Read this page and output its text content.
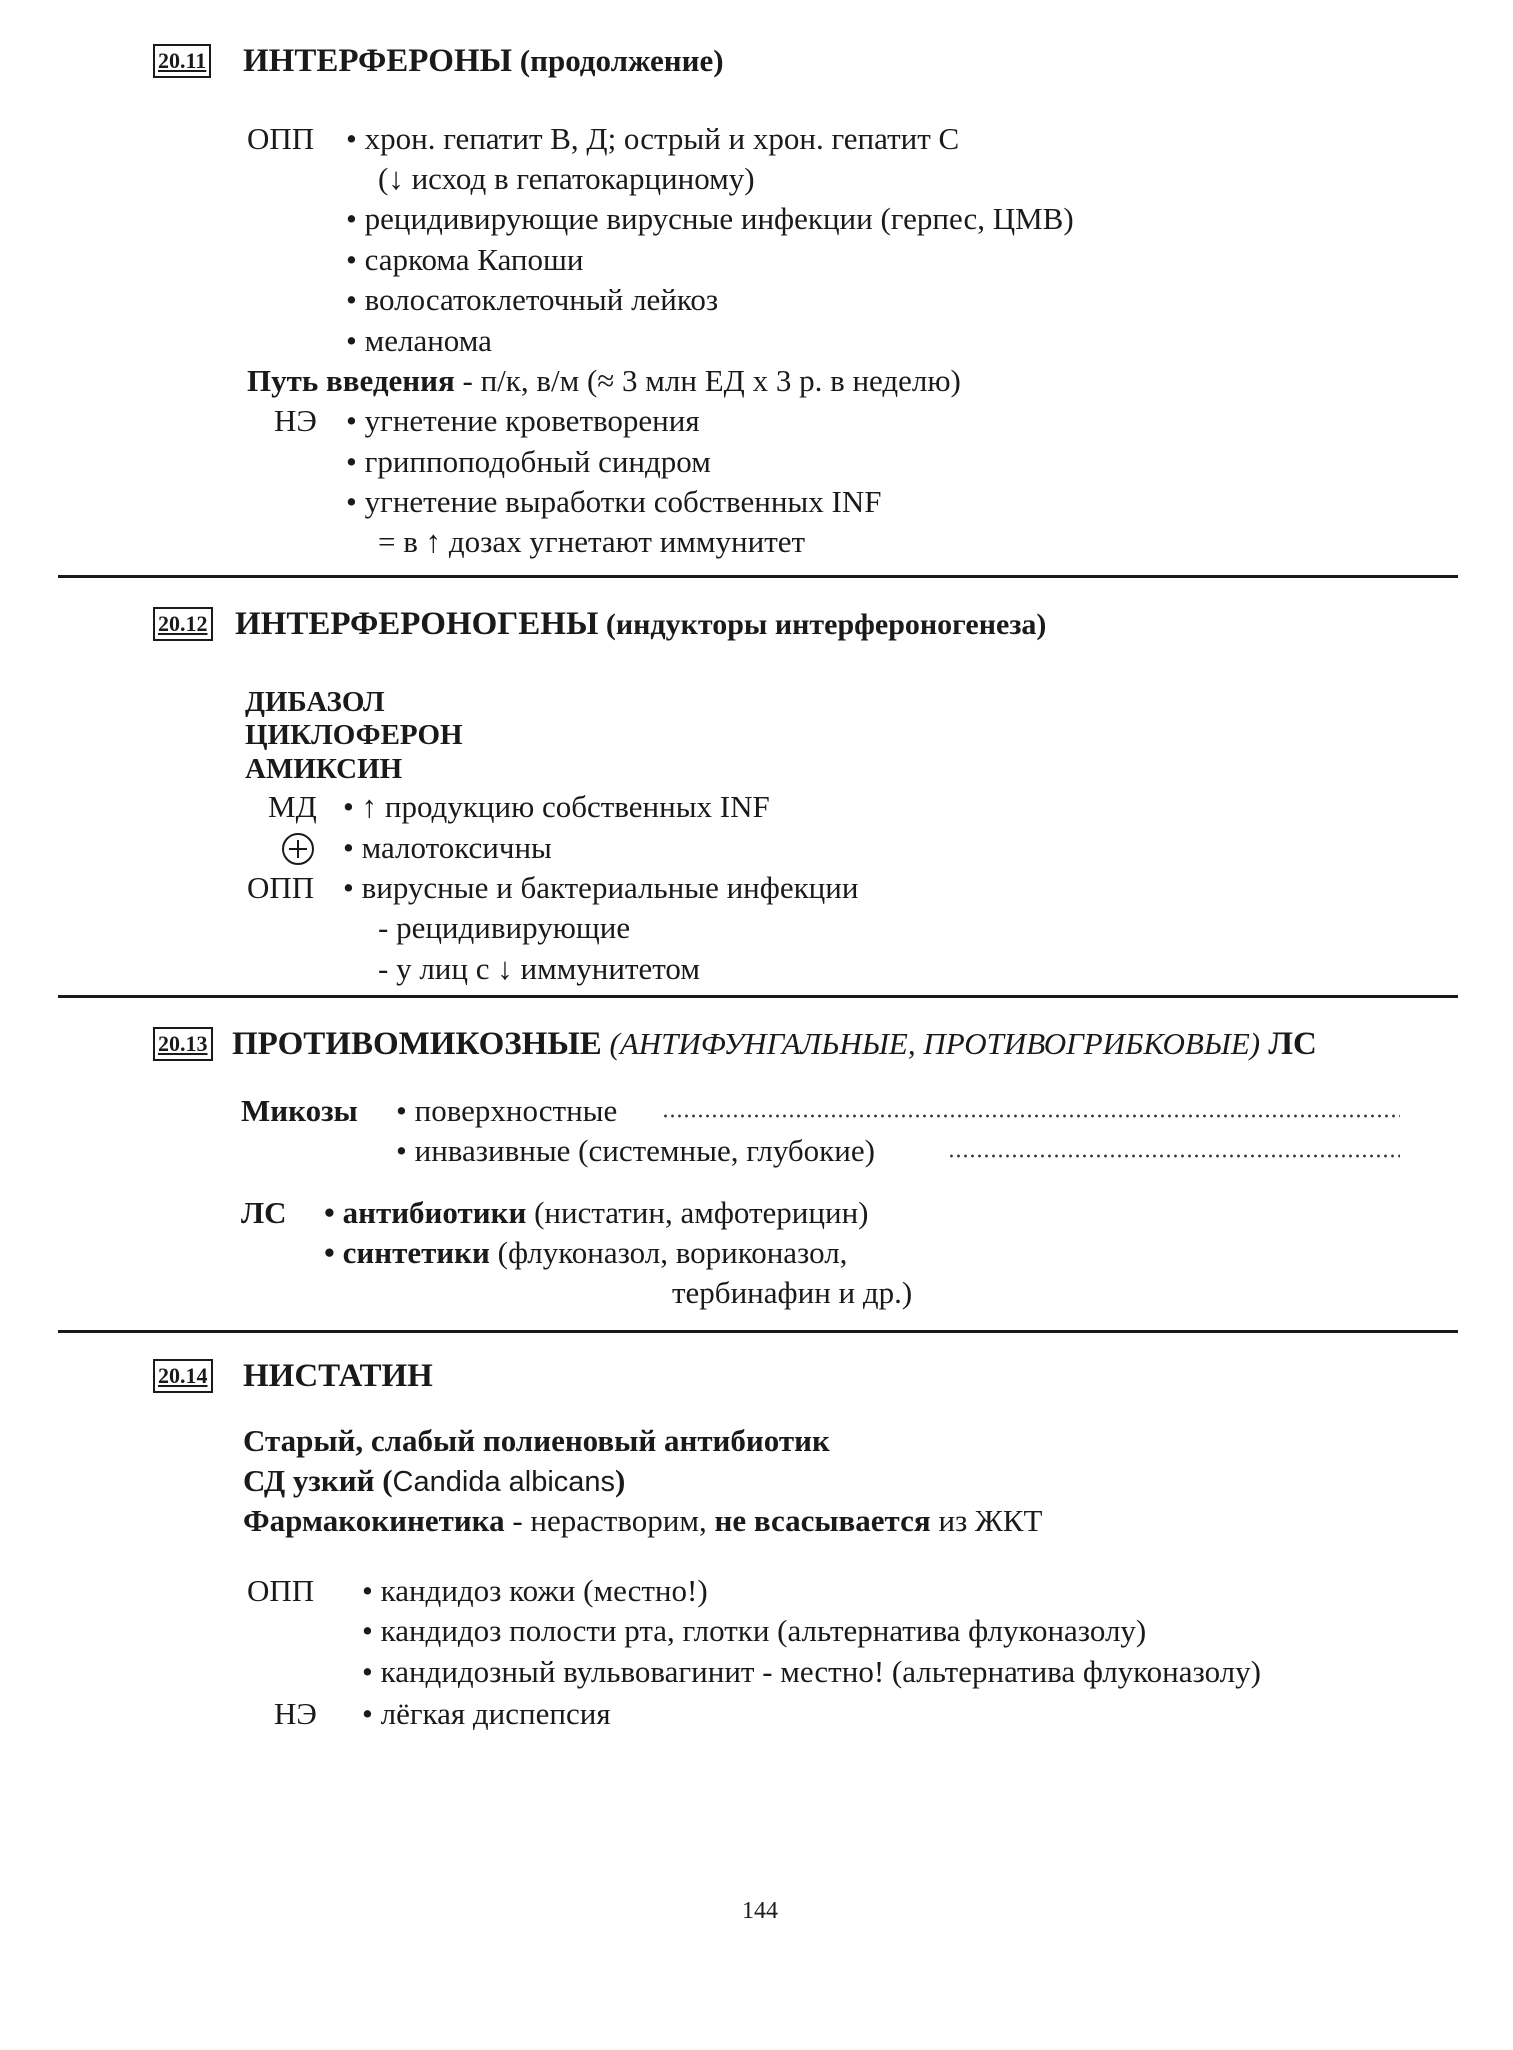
20.11 ИНТЕРФЕРОНЫ (продолжение)
ОПП • хрон. гепатит В, Д; острый и хрон. гепатит С
(↓ исход в гепатокарциному)
• рецидивирующие вирусные инфекции (герпес, ЦМВ)
• саркома Капоши
• волосатоклеточный лейкоз
• меланома
Путь введения - п/к, в/м (≈ 3 млн ЕД х 3 р. в неделю)
НЭ • угнетение кроветворения
• гриппоподобный синдром
• угнетение выработки собственных INF
= в ↑ дозах угнетают иммунитет
20.12 ИНТЕРФЕРОНОГЕНЫ (индукторы интерфероногенеза)
ДИБАЗОЛ
ЦИКЛОФЕРОН
АМИКСИН
МД • ↑ продукцию собственных INF
• малотоксичны
ОПП • вирусные и бактериальные инфекции
- рецидивирующие
- у лиц с ↓ иммунитетом
20.13 ПРОТИВОМИКОЗНЫЕ (АНТИФУНГАЛЬНЫЕ, ПРОТИВОГРИБКОВЫЕ) ЛС
Микозы • поверхностные
• инвазивные (системные, глубокие)
ЛС • антибиотики (нистатин, амфотерицин)
• синтетики (флуконазол, вориконазол,
тербинафин и др.)
20.14 НИСТАТИН
Старый, слабый полиеновый антибиотик
СД узкий (Candida albicans)
Фармакокинетика - нерастворим, не всасывается из ЖКТ
ОПП • кандидоз кожи (местно!)
• кандидоз полости рта, глотки (альтернатива флуконазолу)
• кандидозный вульвовагинит - местно! (альтернатива флуконазолу)
НЭ • лёгкая диспепсия
144
